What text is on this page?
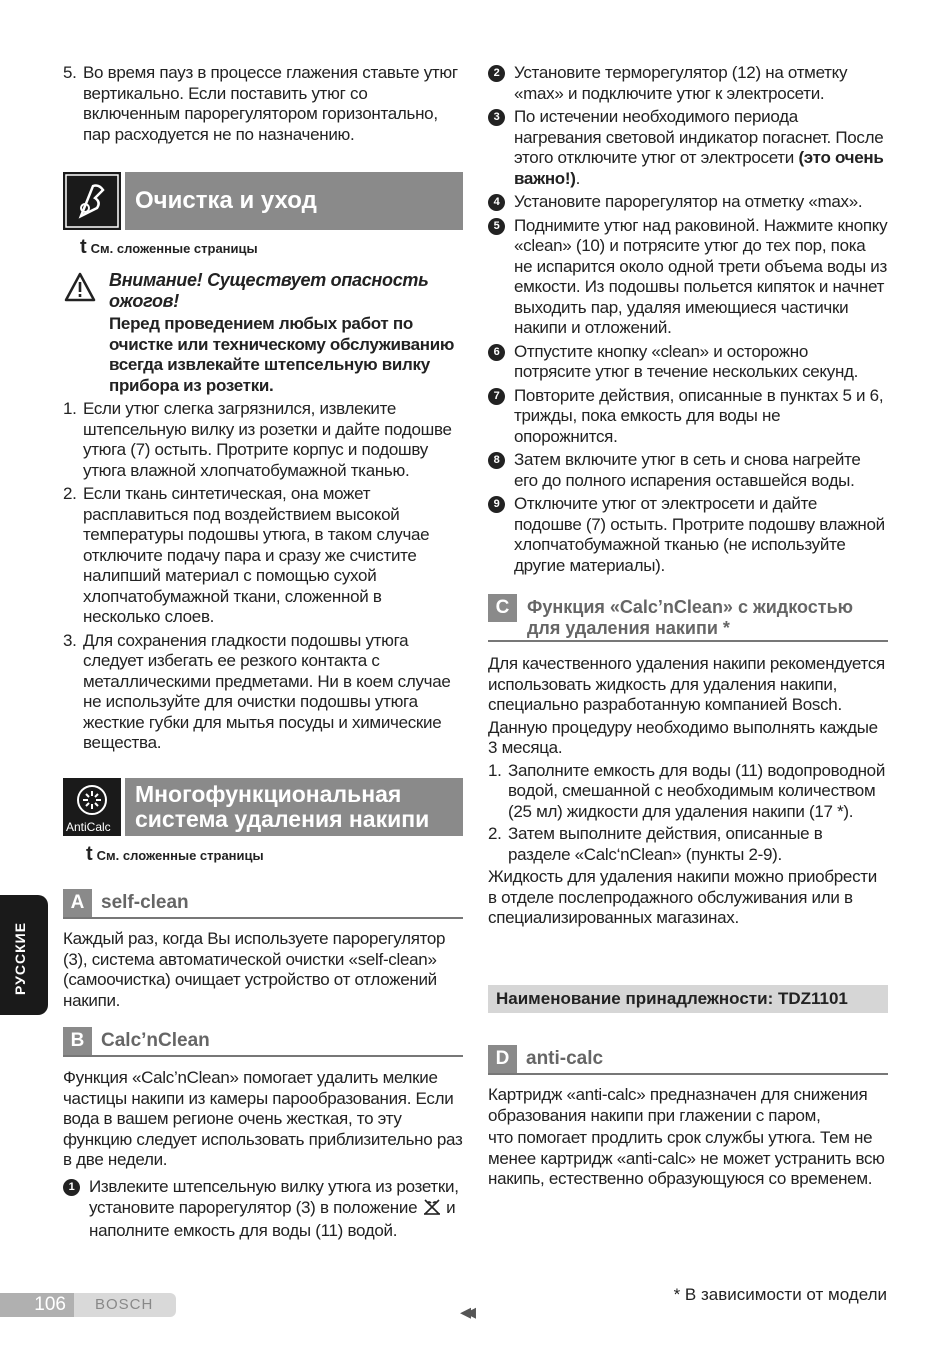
РУССКИЕ
5. Во время пауз в процессе глажения ставьте утюг вертикально. Если поставить утюг со включенным парорегулятором горизонтально, пар расходуется не по назначению.
Очистка и уход
t См. сложенные страницы
Внимание! Существует опасность ожогов!
Перед проведением любых работ по очистке или техническому обслуживанию всегда извлекайте штепсельную вилку прибора из розетки.
1. Если утюг слегка загрязнился, извлеките штепсельную вилку из розетки и дайте подошве утюга (7) остыть. Протрите корпус и подошву утюга влажной хлопчатобумажной тканью.
2. Если ткань синтетическая, она может расплавиться под воздействием высокой температуры подошвы утюга, в таком случае отключите подачу пара и сразу же счистите налипший материал с помощью сухой хлопчатобумажной ткани, сложенной в несколько слоев.
3. Для сохранения гладкости подошвы утюга следует избегать ее резкого контакта с металлическими предметами. Ни в коем случае не используйте для очистки подошвы утюга жесткие губки для мытья посуды и химические вещества.
AntiCalc
Многофункциональная
система удаления накипи
t См. сложенные страницы
A self-clean
Каждый раз, когда Вы используете парорегулятор (3), система автоматической очистки «self-clean» (самоочистка) очищает устройство от отложений накипи.
B Calc’nClean
Функция «Calc’nClean» помогает удалить мелкие частицы накипи из камеры парообразования. Если вода в вашем регионе очень жесткая, то эту функцию следует использовать приблизительно раз в две недели.
1 Извлеките штепсельную вилку утюга из розетки, установите парорегулятор (3) в положение и наполните емкость для воды (11) водой.
2 Установите терморегулятор (12) на отметку «max» и подключите утюг к электросети.
3 По истечении необходимого периода нагревания световой индикатор погаснет. После этого отключите утюг от электросети (это очень важно!).
4 Установите парорегулятор на отметку «max».
5 Поднимите утюг над раковиной. Нажмите кнопку «clean» (10) и потрясите утюг до тех пор, пока не испарится около одной трети объема воды из емкости. Из подошвы польется кипяток и начнет выходить пар, удаляя имеющиеся частички накипи и отложений.
6 Отпустите кнопку «clean» и осторожно потрясите утюг в течение нескольких секунд.
7 Повторите действия, описанные в пунктах 5 и 6, трижды, пока емкость для воды не опорожнится.
8 Затем включите утюг в сеть и снова нагрейте его до полного испарения оставшейся воды.
9 Отключите утюг от электросети и дайте подошве (7) остыть. Протрите подошву влажной хлопчатобумажной тканью (не используйте другие материалы).
C Функция «Calc’nClean» с жидкостью
для удаления накипи *
Для качественного удаления накипи рекомендуется использовать жидкость для удаления накипи, специально разработанную компанией Bosch.
Данную процедуру необходимо выполнять каждые 3 месяца.
1. Заполните емкость для воды (11) водопроводной водой, смешанной с необходимым количеством (25 мл) жидкости для удаления накипи (17 *).
2. Затем выполните действия, описанные в разделе «Calc‘nClean» (пункты 2-9).
Жидкость для удаления накипи можно приобрести в отделе послепродажного обслуживания или в специализированных магазинах.
Наименование принадлежности: TDZ1101
D anti-calc
Картридж «anti-calc» предназначен для снижения образования накипи при глажении с паром,
что помогает продлить срок службы утюга. Тем не менее картридж «anti-calc» не может устранить всю накипь, естественно образующуюся со временем.
106	BOSCH	◂◂
* В зависимости от модели
